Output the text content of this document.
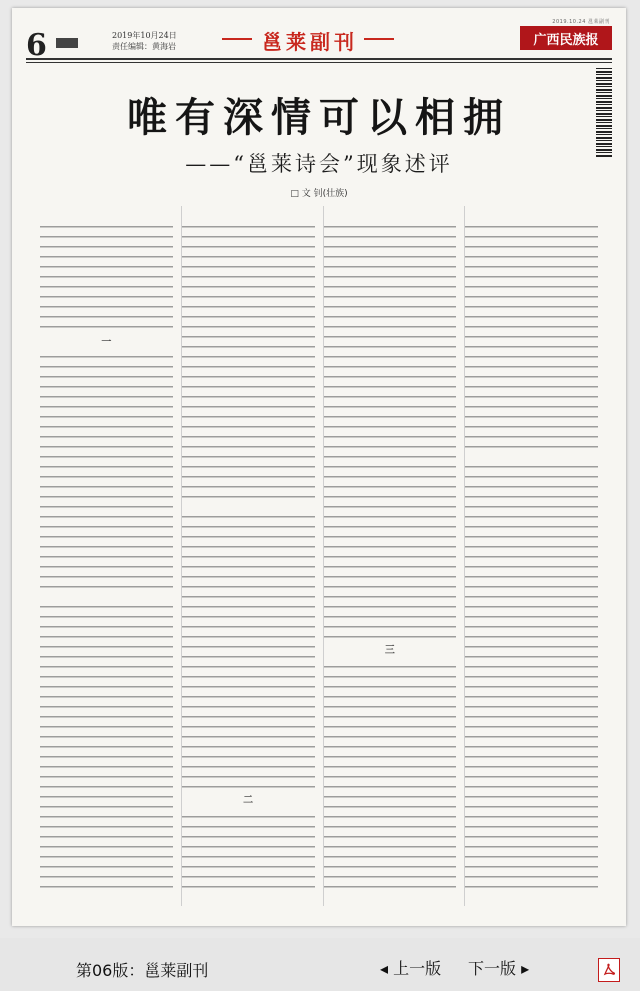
6	2019年10月24日
责任编辑：黄海岩	邕莱副刊
2019.10.24 邕莱副刊
广西民族报
唯有深情可以相拥
——“邕莱诗会”现象述评
□ 文 钊(壮族)
一
二
三
第06版：邕莱副刊	◂ 上一版 下一版 ▸
